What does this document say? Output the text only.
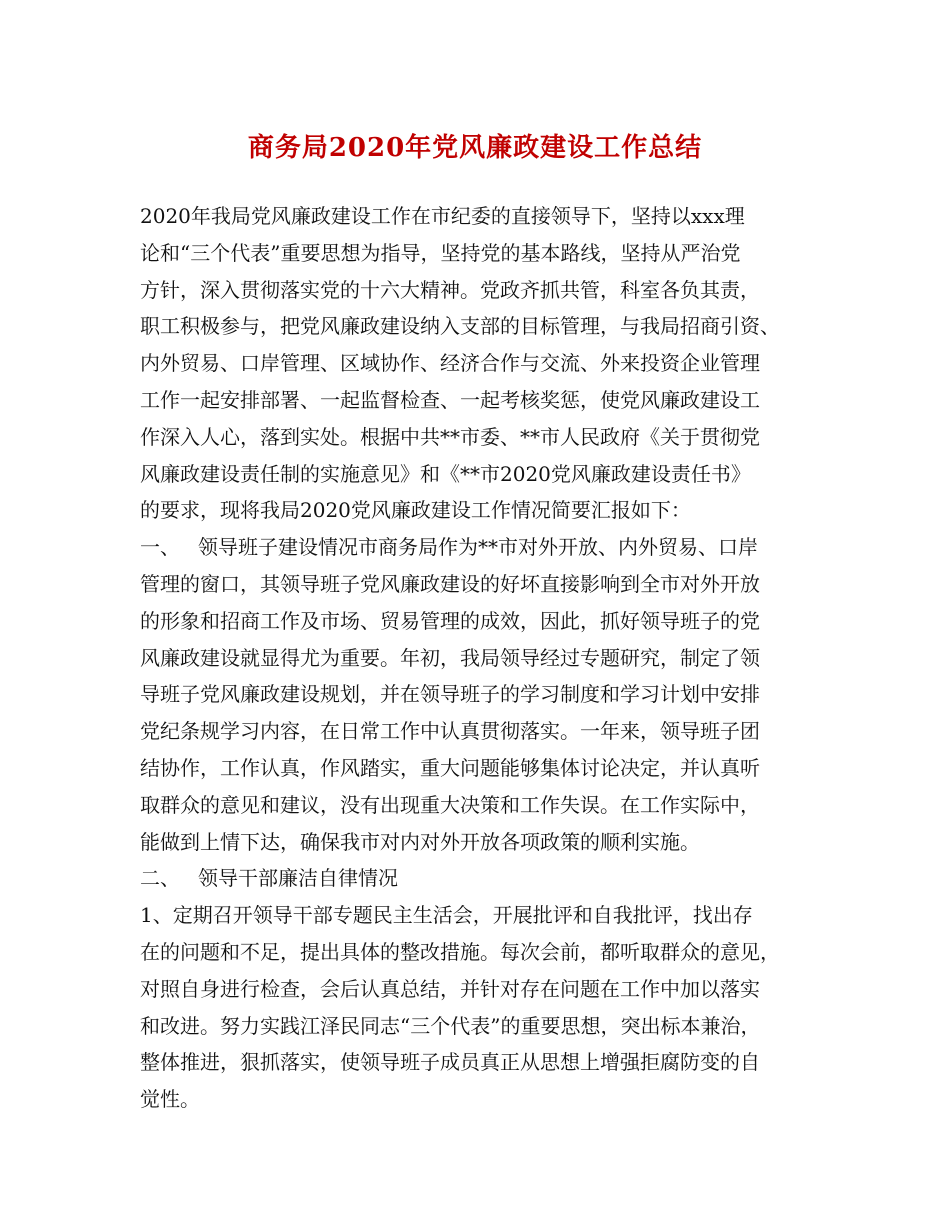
商务局2020年党风廉政建设工作总结
2020年我局党风廉政建设工作在市纪委的直接领导下，坚持以xxx理
论和“三个代表”重要思想为指导，坚持党的基本路线，坚持从严治党
方针，深入贯彻落实党的十六大精神。党政齐抓共管，科室各负其责，
职工积极参与，把党风廉政建设纳入支部的目标管理，与我局招商引资、
内外贸易、口岸管理、区域协作、经济合作与交流、外来投资企业管理
工作一起安排部署、一起监督检查、一起考核奖惩，使党风廉政建设工
作深入人心，落到实处。根据中共**市委、**市人民政府《关于贯彻党
风廉政建设责任制的实施意见》和《**市2020党风廉政建设责任书》
的要求，现将我局2020党风廉政建设工作情况简要汇报如下：
一、 领导班子建设情况市商务局作为**市对外开放、内外贸易、口岸
管理的窗口，其领导班子党风廉政建设的好坏直接影响到全市对外开放
的形象和招商工作及市场、贸易管理的成效，因此，抓好领导班子的党
风廉政建设就显得尤为重要。年初，我局领导经过专题研究，制定了领
导班子党风廉政建设规划，并在领导班子的学习制度和学习计划中安排
党纪条规学习内容，在日常工作中认真贯彻落实。一年来，领导班子团
结协作，工作认真，作风踏实，重大问题能够集体讨论决定，并认真听
取群众的意见和建议，没有出现重大决策和工作失误。在工作实际中，
能做到上情下达，确保我市对内对外开放各项政策的顺利实施。
二、 领导干部廉洁自律情况
1、定期召开领导干部专题民主生活会，开展批评和自我批评，找出存
在的问题和不足，提出具体的整改措施。每次会前，都听取群众的意见，
对照自身进行检查，会后认真总结，并针对存在问题在工作中加以落实
和改进。努力实践江泽民同志“三个代表”的重要思想，突出标本兼治，
整体推进，狠抓落实，使领导班子成员真正从思想上增强拒腐防变的自
觉性。
